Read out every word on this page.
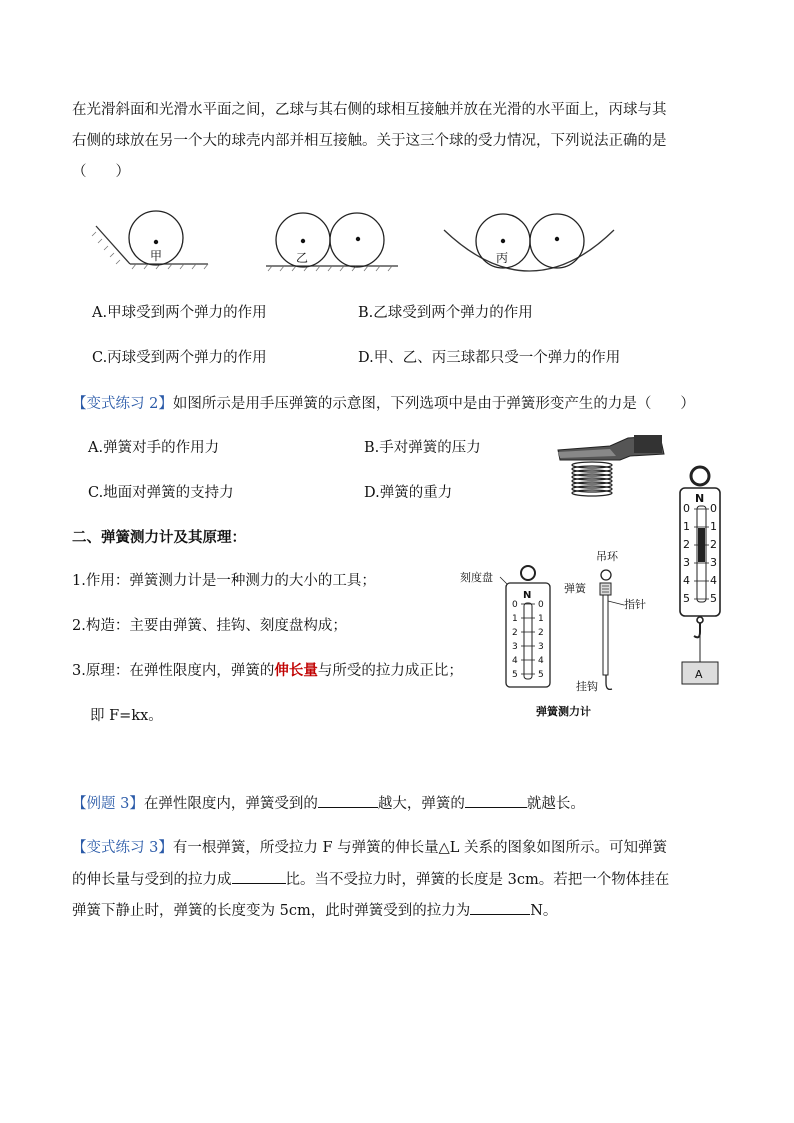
在光滑斜面和光滑水平面之间，乙球与其右侧的球相互接触并放在光滑的水平面上，丙球与其
右侧的球放在另一个大的球壳内部并相互接触。关于这三个球的受力情况，下列说法正确的是
（　　）
甲	乙	丙
A.甲球受到两个弹力的作用	B.乙球受到两个弹力的作用
C.丙球受到两个弹力的作用	D.甲、乙、丙三球都只受一个弹力的作用
【变式练习 2】如图所示是用手压弹簧的示意图，下列选项中是由于弹簧形变产生的力是（　　）
A.弹簧对手的作用力	B.手对弹簧的压力
C.地面对弹簧的支持力	D.弹簧的重力
二、弹簧测力计及其原理：
1.作用：弹簧测力计是一种测力的大小的工具；
2.构造：主要由弹簧、挂钩、刻度盘构成；
3.原理：在弹性限度内，弹簧的伸长量与所受的拉力成正比；
即 F=kx。
刻度盘
吊环
弹簧
指针
挂钩
弹簧测力计
N
0 0
1 1
2 2
3 3
4 4
5 5
N
0 0
1 1
2 2
3 3
4 4
5 5
A
【例题 3】在弹性限度内，弹簧受到的	越大，弹簧的	就越长。
【变式练习 3】有一根弹簧，所受拉力 F 与弹簧的伸长量△L 关系的图象如图所示。可知弹簧
的伸长量与受到的拉力成	比。当不受拉力时，弹簧的长度是 3cm。若把一个物体挂在
弹簧下静止时，弹簧的长度变为 5cm，此时弹簧受到的拉力为	N。
